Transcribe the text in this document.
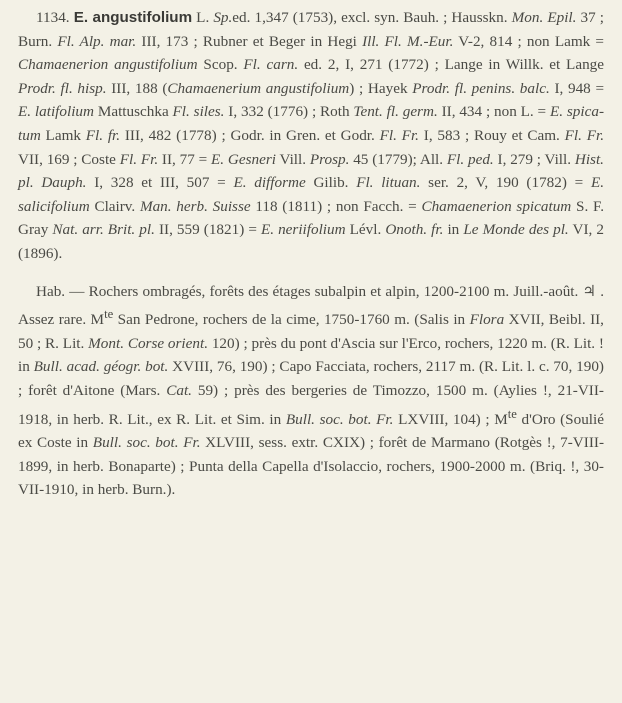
1134. E. angustifolium L. Sp.ed. 1,347 (1753), excl. syn. Bauh. ; Hausskn. Mon. Epil. 37 ; Burn. Fl. Alp. mar. III, 173 ; Rubner et Beger in Hegi Ill. Fl. M.-Eur. V-2, 814 ; non Lamk = Chamaenerion angustifolium Scop. Fl. carn. ed. 2, I, 271 (1772) ; Lange in Willk. et Lange Prodr. fl. hisp. III, 188 (Chamaenerium angustifolium) ; Hayek Prodr. fl. penins. balc. I, 948 = E. latifolium Mattuschka Fl. siles. I, 332 (1776) ; Roth Tent. fl. germ. II, 434 ; non L. = E. spicatum Lamk Fl. fr. III, 482 (1778) ; Godr. in Gren. et Godr. Fl. Fr. I, 583 ; Rouy et Cam. Fl. Fr. VII, 169 ; Coste Fl. Fr. II, 77 = E. Gesneri Vill. Prosp. 45 (1779); All. Fl. ped. I, 279 ; Vill. Hist. pl. Dauph. I, 328 et III, 507 = E. difforme Gilib. Fl. lituan. ser. 2, V, 190 (1782) = E. salicifolium Clairv. Man. herb. Suisse 118 (1811) ; non Facch. = Chamaenerion spicatum S. F. Gray Nat. arr. Brit. pl. II, 559 (1821) = E. neriifolium Lévl. Onoth. fr. in Le Monde des pl. VI, 2 (1896).

Hab. — Rochers ombragés, forêts des étages subalpin et alpin, 1200-2100 m. Juill.-août. ♃ . Assez rare. $M^{te}$ San Pedrone, rochers de la cime, 1750-1760 m. (Salis in Flora XVII, Beibl. II, 50 ; R. Lit. Mont. Corse orient. 120) ; près du pont d'Ascia sur l'Erco, rochers, 1220 m. (R. Lit. ! in Bull. acad. géogr. bot. XVIII, 76, 190) ; Capo Facciata, rochers, 2117 m. (R. Lit. l. c. 70, 190) ; forêt d'Aitone (Mars. Cat. 59) ; près des bergeries de Timozzo, 1500 m. (Aylies !, 21-VII-1918, in herb. R. Lit., ex R. Lit. et Sim. in Bull. soc. bot. Fr. LXVIII, 104) ; $M^{te}$ d'Oro (Soulié ex Coste in Bull. soc. bot. Fr. XLVIII, sess. extr. CXIX) ; forêt de Marmano (Rotgès !, 7-VIII-1899, in herb. Bonaparte) ; Punta della Capella d'Isolaccio, rochers, 1900-2000 m. (Briq. !, 30-VII-1910, in herb. Burn.).
